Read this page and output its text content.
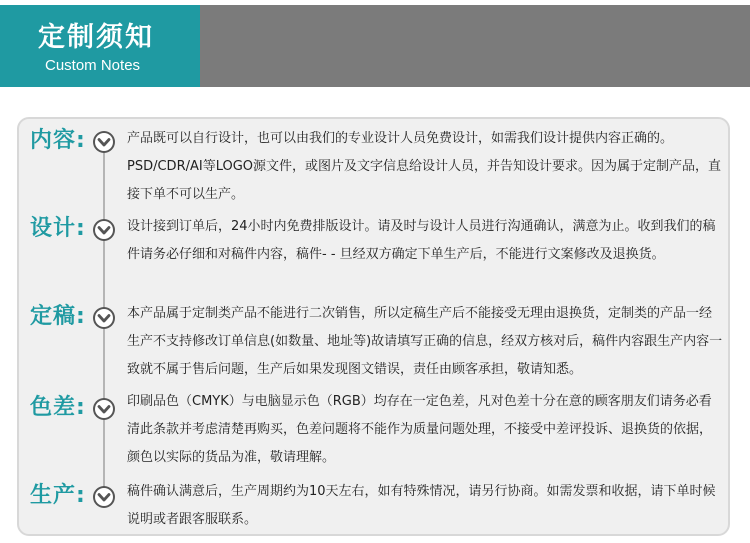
定制须知
Custom Notes
内容:	产品既可以自行设计，也可以由我们的专业设计人员免费设计，如需我们设计提供内容正确的。PSD/CDR/AI等LOGO源文件，或图片及文字信息给设计人员，并告知设计要求。因为属于定制产品，直接下单不可以生产。
设计:	设计接到订单后，24小时内免费排版设计。请及时与设计人员进行沟通确认，满意为止。收到我们的稿件请务必仔细和对稿件内容，稿件- - 旦经双方确定下单生产后，不能进行文案修改及退换货。
定稿:	本产品属于定制类产品不能进行二次销售，所以定稿生产后不能接受无理由退换货，定制类的产品一经生产不支持修改订单信息(如数量、地址等)故请填写正确的信息，经双方核对后，稿件内容跟生产内容一致就不属于售后问题，生产后如果发现图文错误，责任由顾客承担，敬请知悉。
色差:	印刷品色（CMYK）与电脑显示色（RGB）均存在一定色差，凡对色差十分在意的顾客朋友们请务必看清此条款并考虑清楚再购买，色差问题将不能作为质量问题处理，不接受中差评投诉、退换货的依据，颜色以实际的货品为准，敬请理解。
生产:	稿件确认满意后，生产周期约为10天左右，如有特殊情况，请另行协商。如需发票和收据，请下单时候说明或者跟客服联系。
